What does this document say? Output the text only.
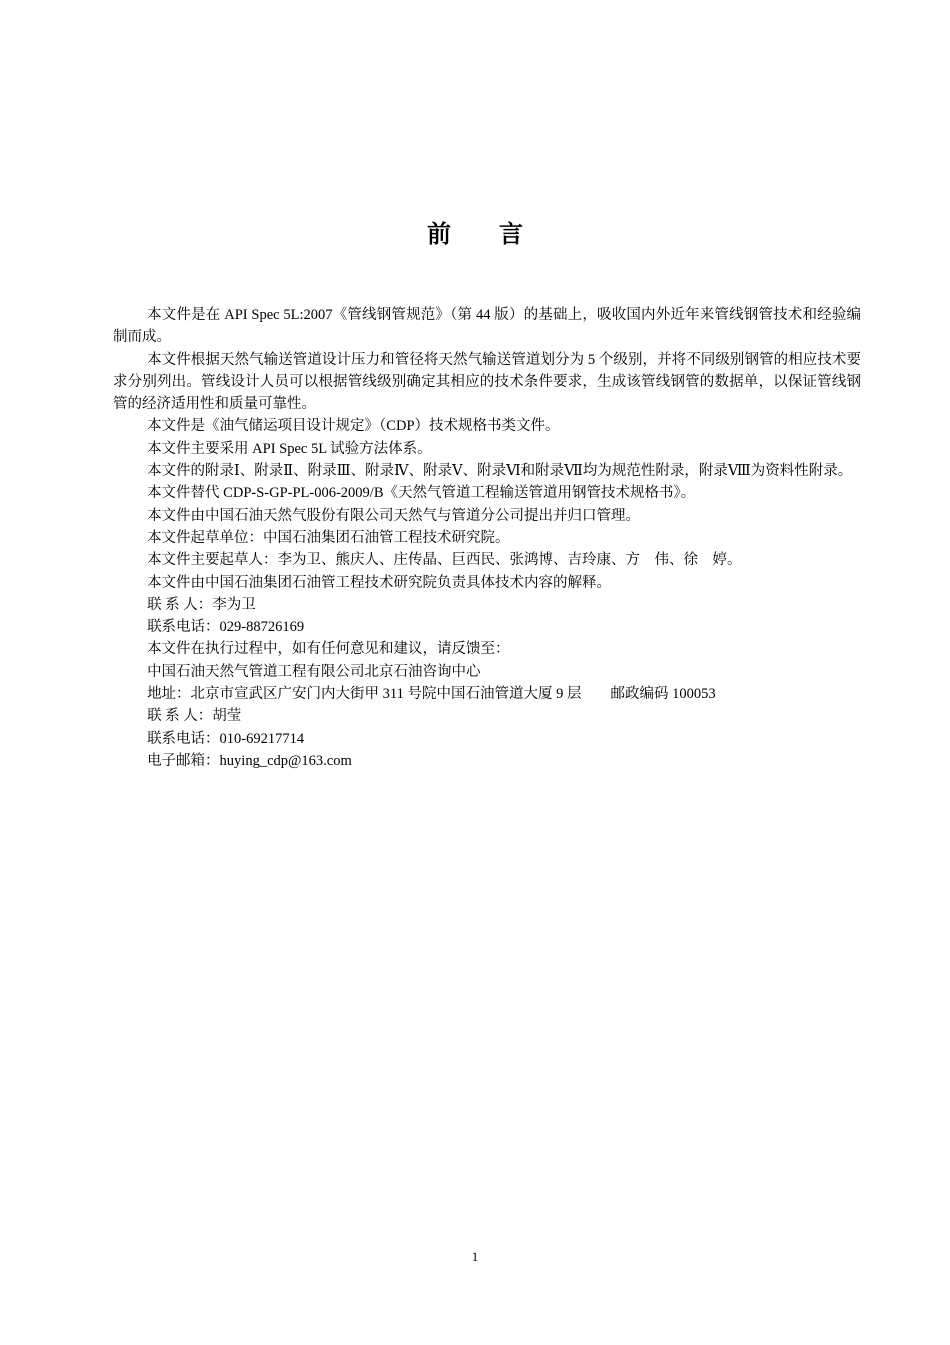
前言

本文件是在 API Spec 5L:2007《管线钢管规范》（第 44 版）的基础上，吸收国内外近年来管线钢管技术和经验编制而成。

本文件根据天然气输送管道设计压力和管径将天然气输送管道划分为 5 个级别，并将不同级别钢管的相应技术要求分别列出。管线设计人员可以根据管线级别确定其相应的技术条件要求，生成该管线钢管的数据单，以保证管线钢管的经济适用性和质量可靠性。

本文件是《油气储运项目设计规定》（CDP）技术规格书类文件。

本文件主要采用 API Spec 5L 试验方法体系。

本文件的附录Ⅰ、附录Ⅱ、附录Ⅲ、附录Ⅳ、附录Ⅴ、附录Ⅵ和附录Ⅶ均为规范性附录，附录Ⅷ为资料性附录。

本文件替代 CDP-S-GP-PL-006-2009/B《天然气管道工程输送管道用钢管技术规格书》。

本文件由中国石油天然气股份有限公司天然气与管道分公司提出并归口管理。

本文件起草单位：中国石油集团石油管工程技术研究院。

本文件主要起草人：李为卫、熊庆人、庄传晶、巨西民、张鸿博、吉玲康、方　伟、徐　婷。

本文件由中国石油集团石油管工程技术研究院负责具体技术内容的解释。

联 系 人：李为卫

联系电话：029-88726169

本文件在执行过程中，如有任何意见和建议，请反馈至：

中国石油天然气管道工程有限公司北京石油咨询中心

地址：北京市宣武区广安门内大街甲 311 号院中国石油管道大厦 9 层　　邮政编码 100053

联 系 人：胡莹

联系电话：010-69217714

电子邮箱：huying_cdp@163.com

1
